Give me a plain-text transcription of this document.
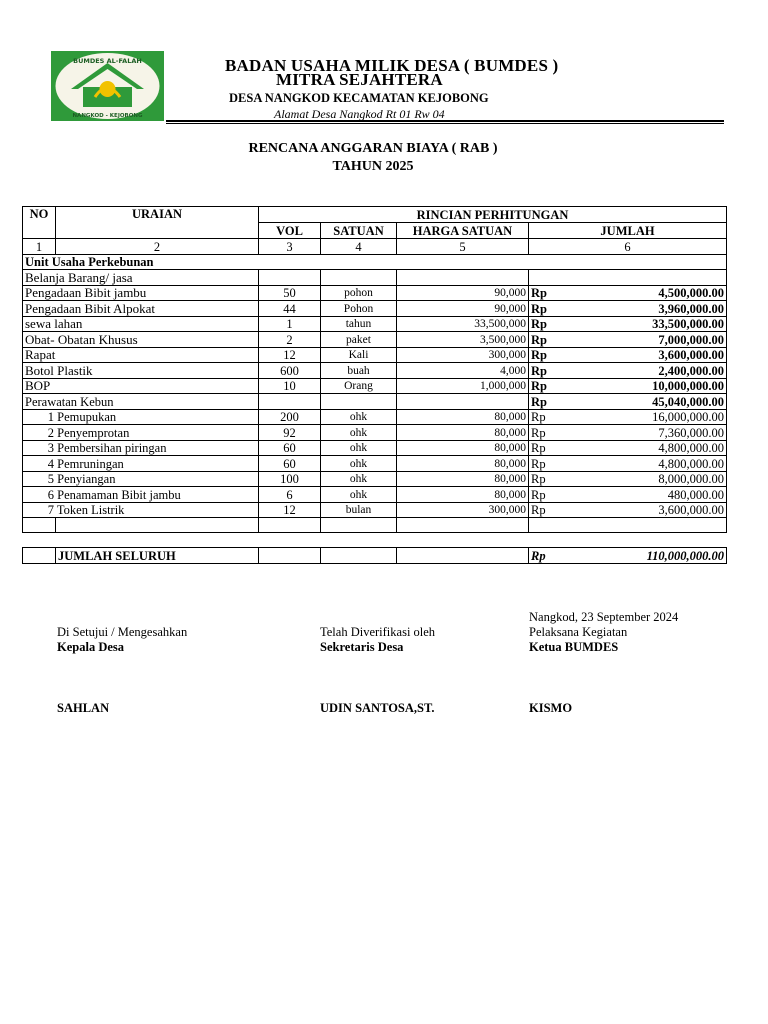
BUMDES AL-FALAH
NANGKOD - KEJOBONG
BADAN USAHA MILIK DESA ( BUMDES )
MITRA SEJAHTERA
DESA NANGKOD KECAMATAN KEJOBONG
Alamat Desa Nangkod Rt 01 Rw 04
RENCANA ANGGARAN BIAYA ( RAB )
TAHUN 2025
NO	URAIAN	RINCIAN PERHITUNGAN				
		VOL	SATUAN	HARGA SATUAN	JUMLAH	
1	2	3	4	5	6	
Unit Usaha Perkebunan						
Belanja Barang/ jasa						
Pengadaan Bibit jambu		50	pohon	90,000	Rp	4,500,000.00
Pengadaan Bibit Alpokat		44	Pohon	90,000	Rp	3,960,000.00
sewa lahan		1	tahun	33,500,000	Rp	33,500,000.00
Obat- Obatan Khusus		2	paket	3,500,000	Rp	7,000,000.00
Rapat		12	Kali	300,000	Rp	3,600,000.00
Botol Plastik		600	buah	4,000	Rp	2,400,000.00
BOP		10	Orang	1,000,000	Rp	10,000,000.00
Perawatan Kebun					Rp	45,040,000.00
1 Pemupukan		200	ohk	80,000	Rp	16,000,000.00
2 Penyemprotan		92	ohk	80,000	Rp	7,360,000.00
3 Pembersihan piringan		60	ohk	80,000	Rp	4,800,000.00
4 Pemruningan		60	ohk	80,000	Rp	4,800,000.00
5 Penyiangan		100	ohk	80,000	Rp	8,000,000.00
6 Penamaman Bibit jambu		6	ohk	80,000	Rp	480,000.00
7 Token Listrik		12	bulan	300,000	Rp	3,600,000.00

	JUMLAH SELURUH				Rp	110,000,000.00
Nangkod, 23 September 2024
Di Setujui / Mengesahkan
Kepala Desa
SAHLAN
Telah Diverifikasi oleh
Sekretaris Desa
UDIN SANTOSA,ST.
Pelaksana Kegiatan
Ketua BUMDES
KISMO
